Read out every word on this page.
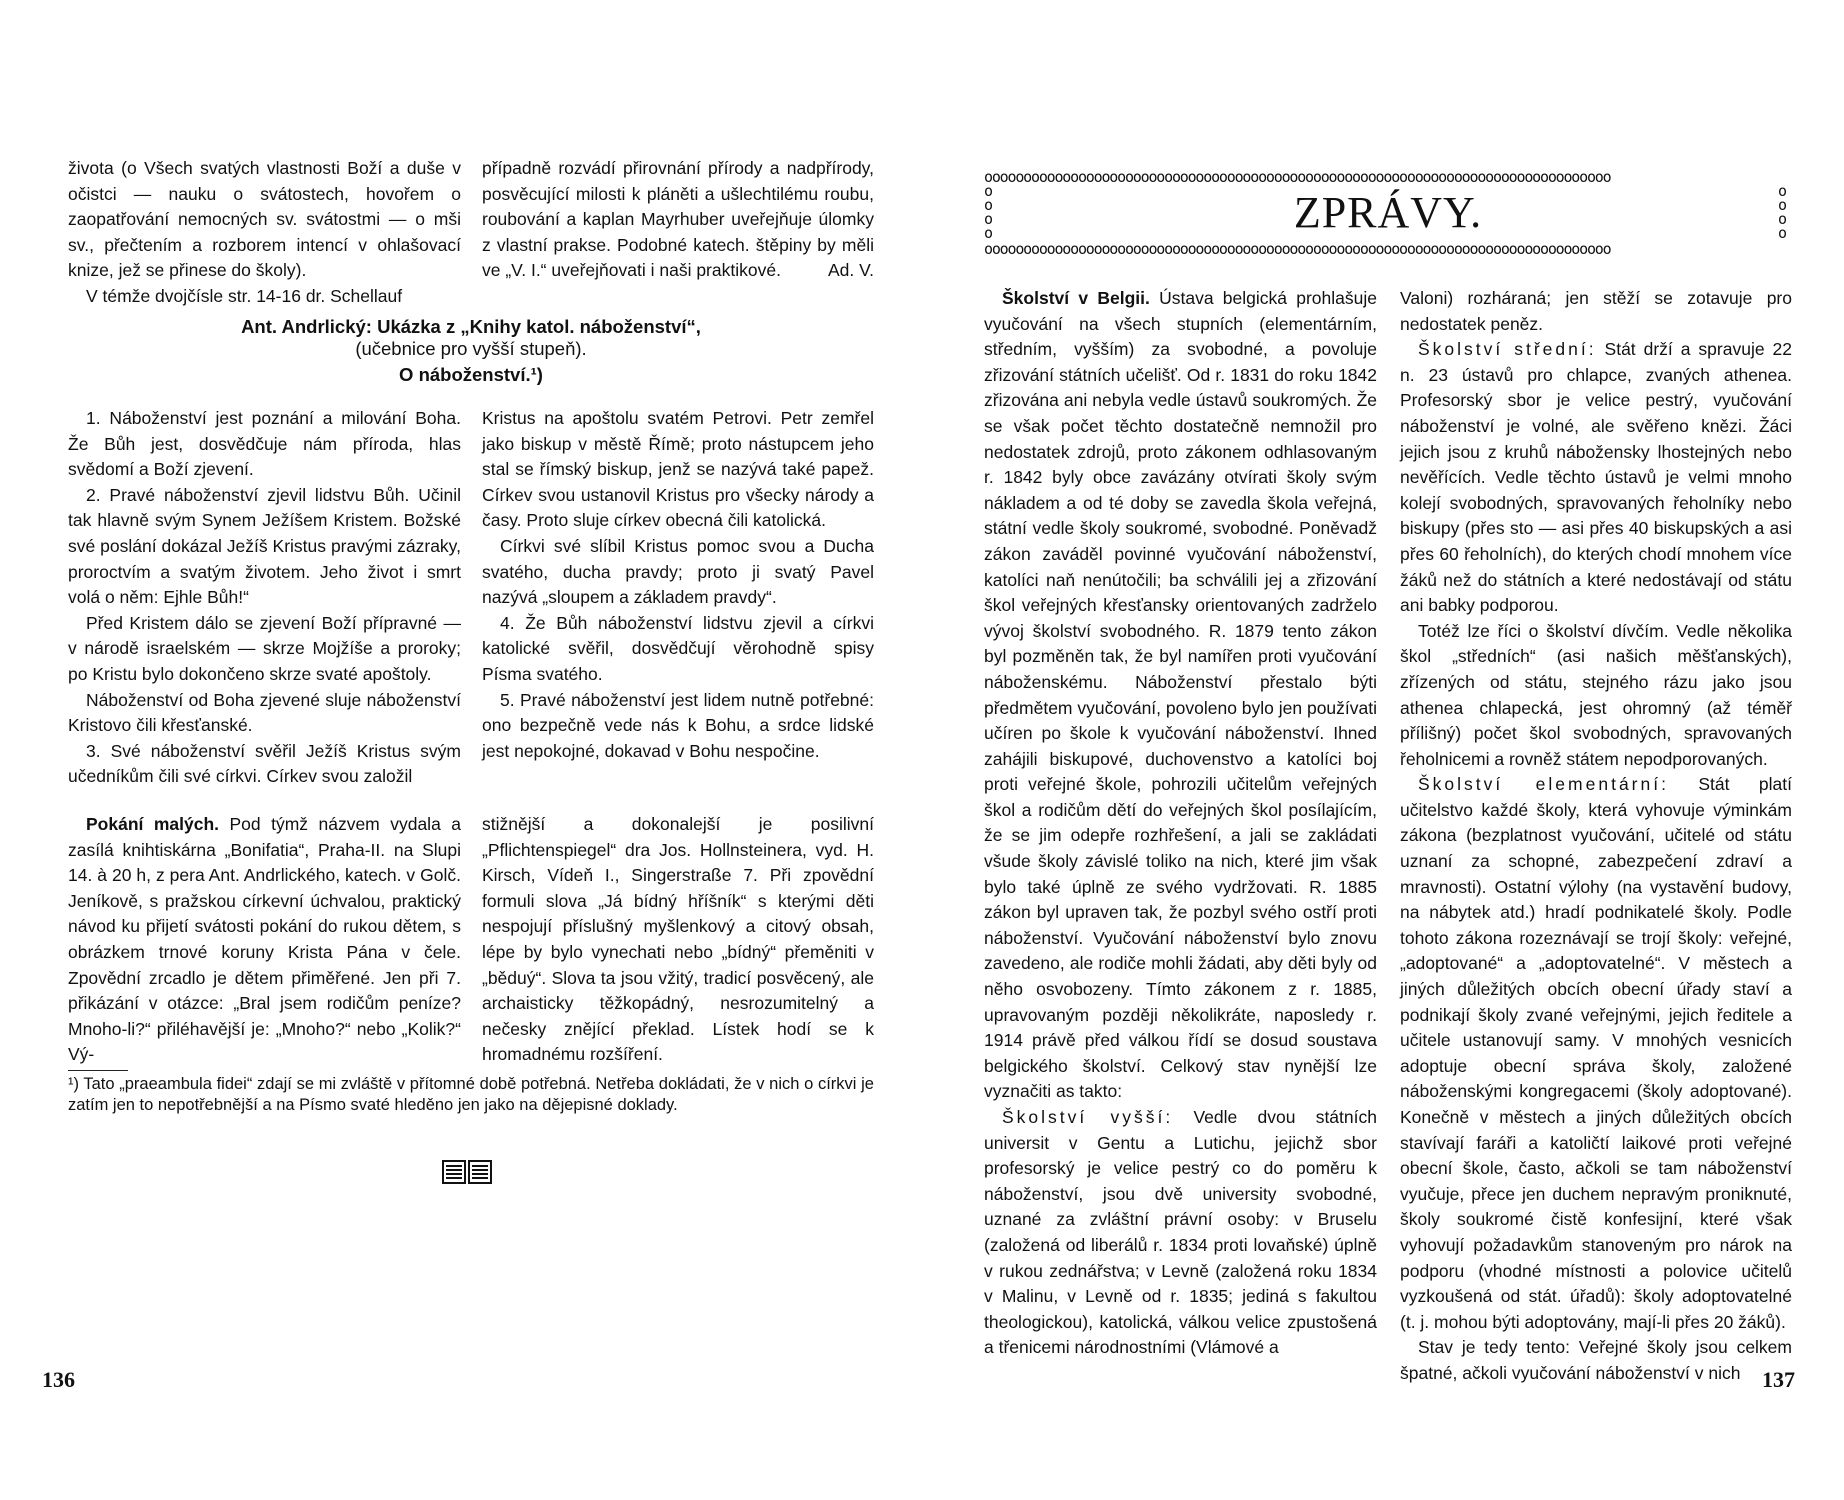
života (o Všech svatých vlastnosti Boží a duše v očistci — nauku o svátostech, hovořem o zaopatřování nemocných sv. svátostmi — o mši sv., přečtením a rozborem intencí v ohlašovací knize, jež se přinese do školy).

V témže dvojčísle str. 14-16 dr. Schellauf

případně rozvádí přirovnání přírody a nadpřírody, posvěcující milosti k pláněti a ušlechtilému roubu, roubování a kaplan Mayrhuber uveřejňuje úlomky z vlastní prakse. Podobné katech. štěpiny by měli ve „V. I.“ uveřejňovati i naši praktikové.	Ad. V.

Ant. Andrlický: Ukázka z „Knihy katol. náboženství“,
(učebnice pro vyšší stupeň).
O náboženství.¹)

1. Náboženství jest poznání a milování Boha. Že Bůh jest, dosvědčuje nám příroda, hlas svědomí a Boží zjevení.

2. Pravé náboženství zjevil lidstvu Bůh. Učinil tak hlavně svým Synem Ježíšem Kristem. Božské své poslání dokázal Ježíš Kristus pravými zázraky, proroctvím a svatým životem. Jeho život i smrt volá o něm: Ejhle Bůh!“

Před Kristem dálo se zjevení Boží přípravné — v národě israelském — skrze Mojžíše a proroky; po Kristu bylo dokončeno skrze svaté apoštoly.

Náboženství od Boha zjevené sluje náboženství Kristovo čili křesťanské.

3. Své náboženství svěřil Ježíš Kristus svým učedníkům čili své církvi. Církev svou založil

Kristus na apoštolu svatém Petrovi. Petr zemřel jako biskup v městě Římě; proto nástupcem jeho stal se římský biskup, jenž se nazývá také papež. Církev svou ustanovil Kristus pro všecky národy a časy. Proto sluje církev obecná čili katolická.

Církvi své slíbil Kristus pomoc svou a Ducha svatého, ducha pravdy; proto ji svatý Pavel nazývá „sloupem a základem pravdy“.

4. Že Bůh náboženství lidstvu zjevil a církvi katolické svěřil, dosvědčují věrohodně spisy Písma svatého.

5. Pravé náboženství jest lidem nutně potřebné: ono bezpečně vede nás k Bohu, a srdce lidské jest nepokojné, dokavad v Bohu nespočine.

Pokání malých. Pod týmž názvem vydala a zasílá knihtiskárna „Bonifatia“, Praha-II. na Slupi 14. à 20 h, z pera Ant. Andrlického, katech. v Golč. Jeníkově, s pražskou církevní úchvalou, praktický návod ku přijetí svátosti pokání do rukou dětem, s obrázkem trnové koruny Krista Pána v čele. Zpovědní zrcadlo je dětem přiměřené. Jen při 7. přikázání v otázce: „Bral jsem rodičům peníze? Mnoho-li?“ přiléhavější je: „Mnoho?“ nebo „Kolik?“ Vý-

stižnější a dokonalejší je posilivní „Pflichtenspiegel“ dra Jos. Hollnsteinera, vyd. H. Kirsch, Vídeň I., Singerstraße 7. Při zpovědní formuli slova „Já bídný hříšník“ s kterými děti nespojují příslušný myšlenkový a citový obsah, lépe by bylo vynechati nebo „bídný“ přeměniti v „běduý“. Slova ta jsou vžitý, tradicí posvěcený, ale archaisticky těžkopádný, nesrozumitelný a nečesky znějící překlad. Lístek hodí se k hromadnému rozšíření.

¹) Tato „praeambula fidei“ zdají se mi zvláště v přítomné době potřebná. Netřeba dokládati, že v nich o církvi je zatím jen to nepotřebnější a na Písmo svaté hleděno jen jako na dějepisné doklady.
136
oooooooooooooooooooooooooooooooooooooooooooooooooooooooooooooooooooooooooooooooo
o
o
o
o
o
o
o
o
ZPRÁVY.
oooooooooooooooooooooooooooooooooooooooooooooooooooooooooooooooooooooooooooooooo

Školství v Belgii. Ústava belgická prohlašuje vyučování na všech stupních (elementárním, středním, vyšším) za svobodné, a povoluje zřizování státních učelišť. Od r. 1831 do roku 1842 zřizována ani nebyla vedle ústavů soukromých. Že se však počet těchto dostatečně nemnožil pro nedostatek zdrojů, proto zákonem odhlasovaným r. 1842 byly obce zavázány otvírati školy svým nákladem a od té doby se zavedla škola veřejná, státní vedle školy soukromé, svobodné. Poněvadž zákon zaváděl povinné vyučování náboženství, katolíci naň nenútočili; ba schválili jej a zřizování škol veřejných křesťansky orientovaných zadrželo vývoj školství svobodného. R. 1879 tento zákon byl pozměněn tak, že byl namířen proti vyučování náboženskému. Náboženství přestalo býti předmětem vyučování, povoleno bylo jen používati učíren po škole k vyučování náboženství. Ihned zahájili biskupové, duchovenstvo a katolíci boj proti veřejné škole, pohrozili učitelům veřejných škol a rodičům dětí do veřejných škol posílajícím, že se jim odepře rozhřešení, a jali se zakládati všude školy závislé toliko na nich, které jim však bylo také úplně ze svého vydržovati. R. 1885 zákon byl upraven tak, že pozbyl svého ostří proti náboženství. Vyučování náboženství bylo znovu zavedeno, ale rodiče mohli žádati, aby děti byly od něho osvobozeny. Tímto zákonem z r. 1885, upravovaným později několikráte, naposledy r. 1914 právě před válkou řídí se dosud soustava belgického školství. Celkový stav nynější lze vyznačiti as takto:

Školství vyšší: Vedle dvou státních universit v Gentu a Lutichu, jejichž sbor profesorský je velice pestrý co do poměru k náboženství, jsou dvě university svobodné, uznané za zvláštní právní osoby: v Bruselu (založená od liberálů r. 1834 proti lovaňské) úplně v rukou zednářstva; v Levně (založená roku 1834 v Malinu, v Levně od r. 1835; jediná s fakultou theologickou), katolická, válkou velice zpustošená a třenicemi národnostními (Vlámové a

Valoni) rozháraná; jen stěží se zotavuje pro nedostatek peněz.

Školství střední: Stát drží a spravuje 22 n. 23 ústavů pro chlapce, zvaných athenea. Profesorský sbor je velice pestrý, vyučování náboženství je volné, ale svěřeno knězi. Žáci jejich jsou z kruhů nábožensky lhostejných nebo nevěřících. Vedle těchto ústavů je velmi mnoho kolejí svobodných, spravovaných řeholníky nebo biskupy (přes sto — asi přes 40 biskupských a asi přes 60 řeholních), do kterých chodí mnohem více žáků než do státních a které nedostávají od státu ani babky podporou.

Totéž lze říci o školství dívčím. Vedle několika škol „středních“ (asi našich měšťanských), zřízených od státu, stejného rázu jako jsou athenea chlapecká, jest ohromný (až téměř přílišný) počet škol svobodných, spravovaných řeholnicemi a rovněž státem nepodporovaných.

Školství elementární: Stát platí učitelstvo každé školy, která vyhovuje výminkám zákona (bezplatnost vyučování, učitelé od státu uznaní za schopné, zabezpečení zdraví a mravnosti). Ostatní výlohy (na vystavění budovy, na nábytek atd.) hradí podnikatelé školy. Podle tohoto zákona rozeznávají se trojí školy: veřejné, „adoptované“ a „adoptovatelné“. V městech a jiných důležitých obcích obecní úřady staví a podnikají školy zvané veřejnými, jejich ředitele a učitele ustanovují samy. V mnohých vesnicích adoptuje obecní správa školy, založené náboženskými kongregacemi (školy adoptované). Konečně v městech a jiných důležitých obcích stavívají faráři a katoličtí laikové proti veřejné obecní škole, často, ačkoli se tam náboženství vyučuje, přece jen duchem nepravým proniknuté, školy soukromé čistě konfesijní, které však vyhovují požadavkům stanoveným pro nárok na podporu (vhodné místnosti a polovice učitelů vyzkoušená od stát. úřadů): školy adoptovatelné (t. j. mohou býti adoptovány, mají-li přes 20 žáků).

Stav je tedy tento: Veřejné školy jsou celkem špatné, ačkoli vyučování náboženství v nich 137
